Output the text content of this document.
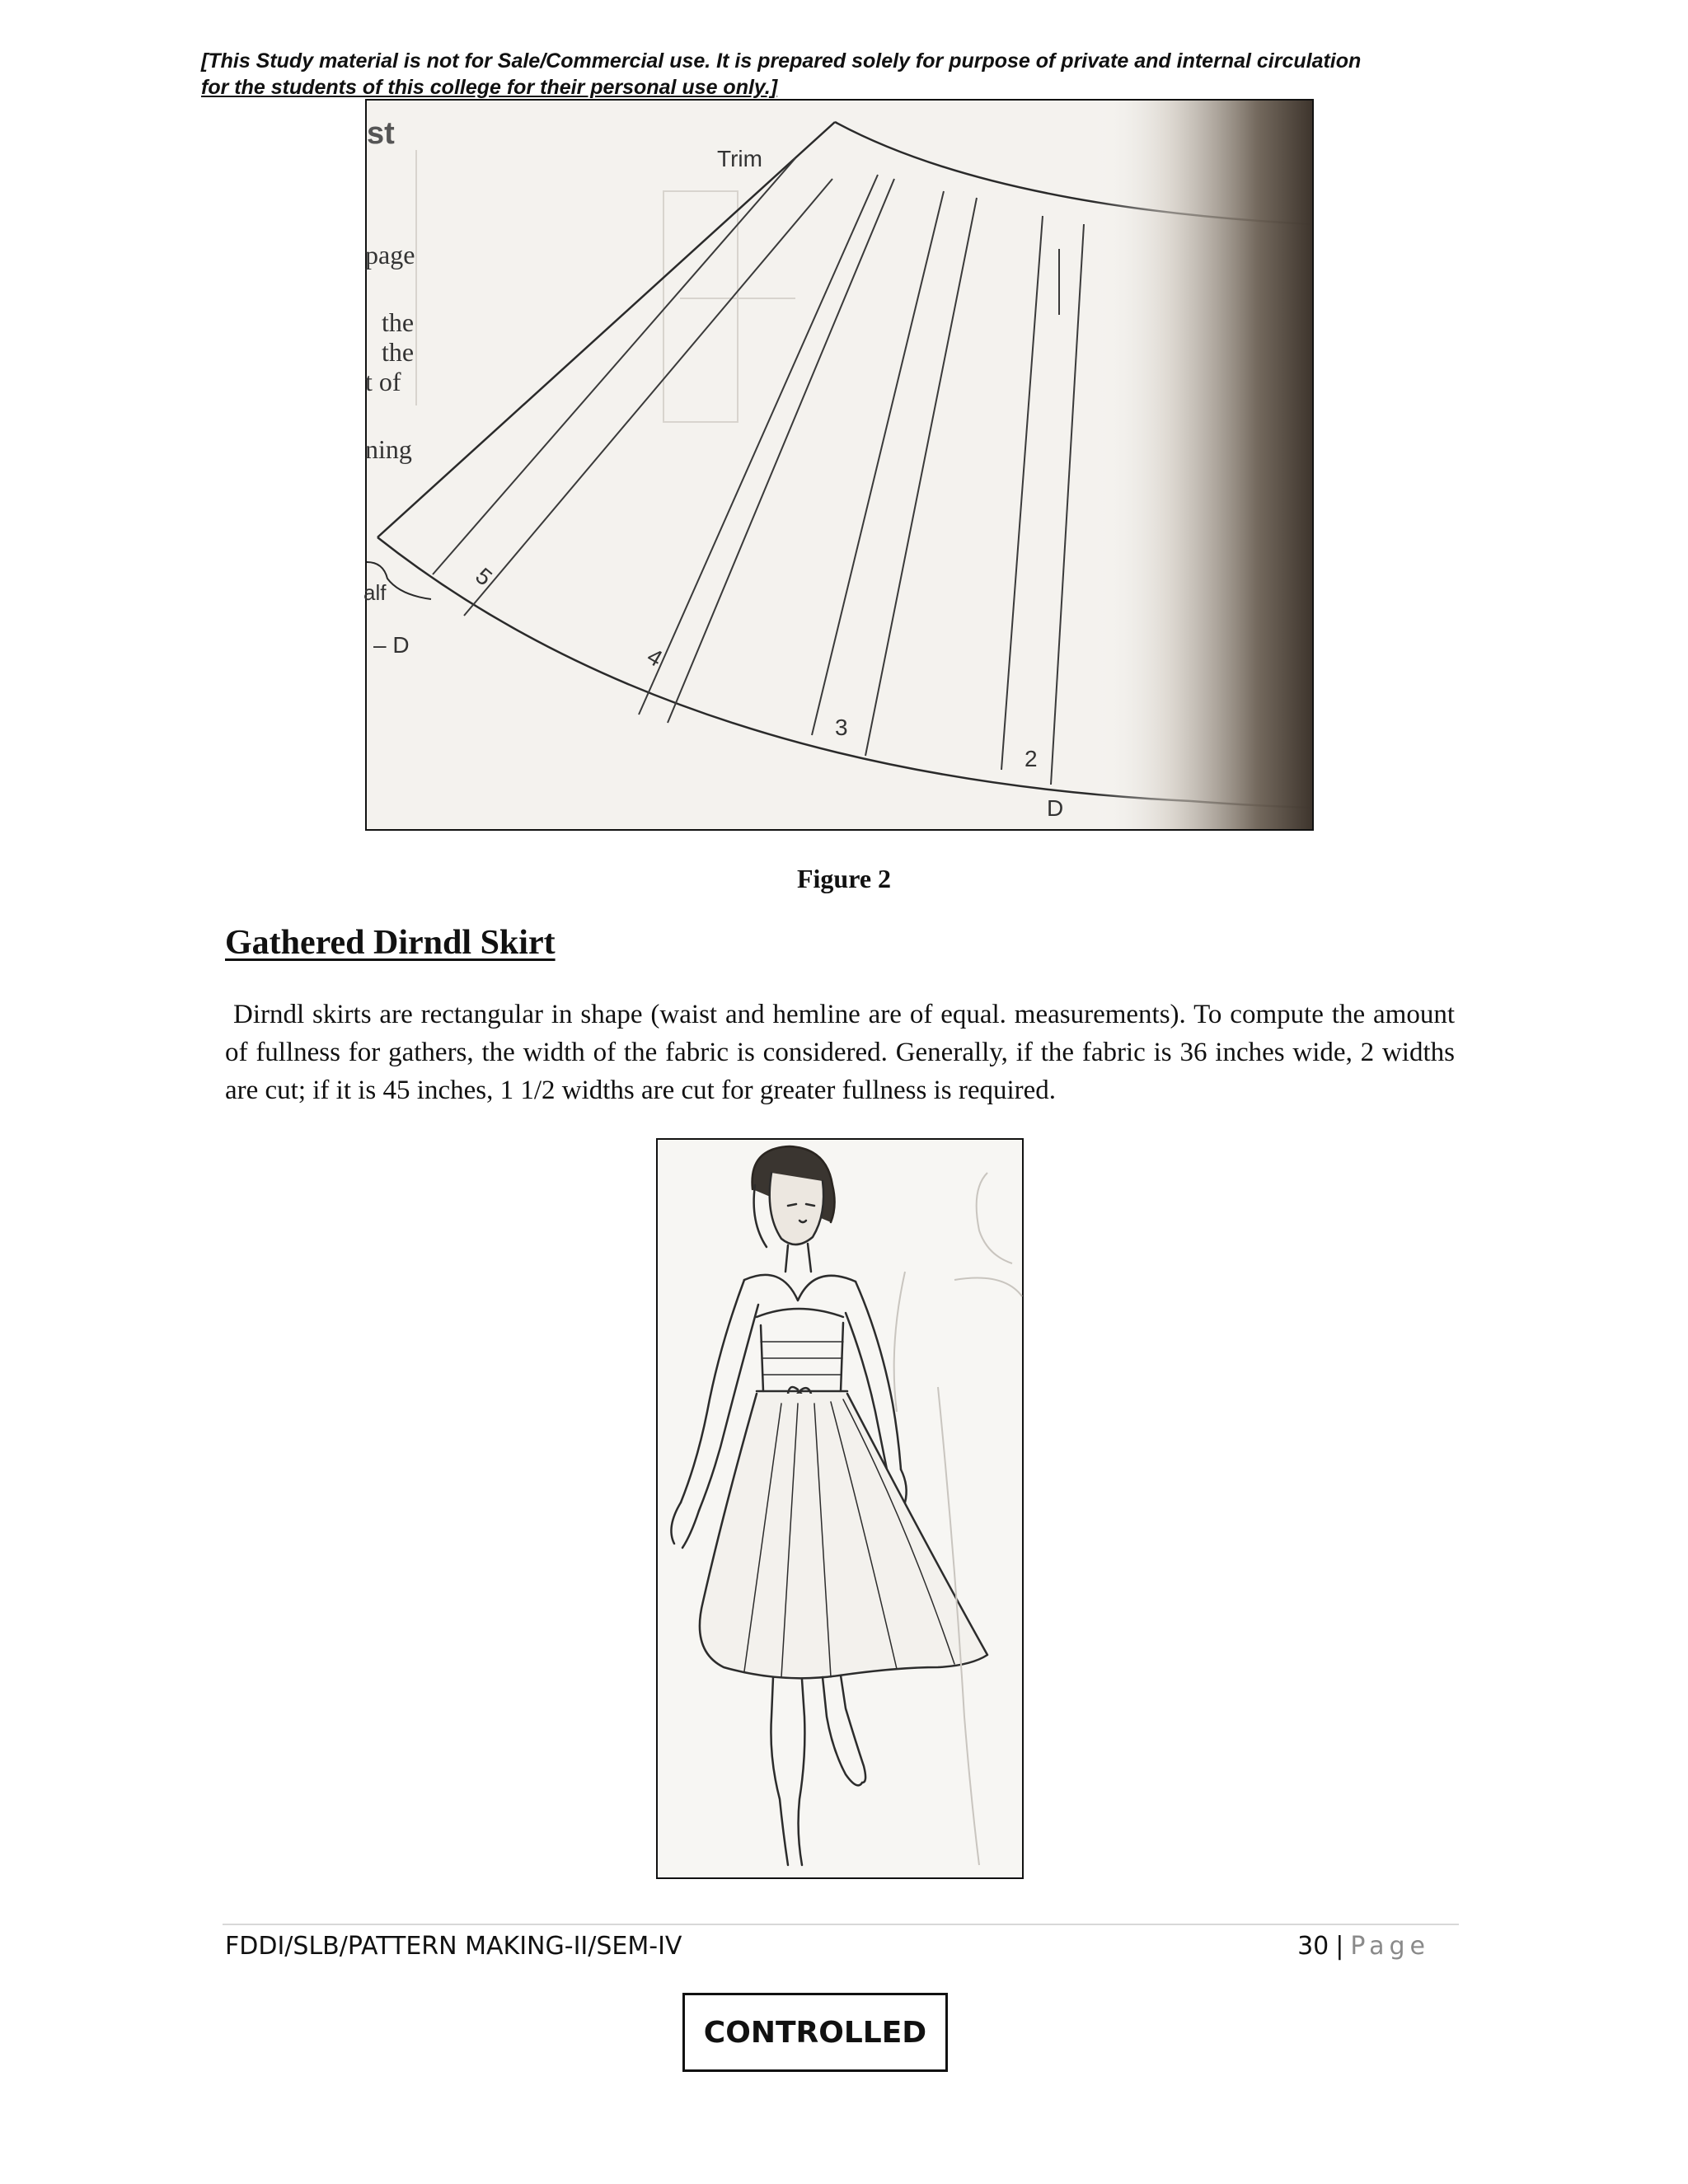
[This Study material is not for Sale/Commercial use. It is prepared solely for purpose of private and internal circulation
for the students of this college for their personal use only.]
Trim
st
page
the
the
t of
ning
alf
– D
5
4
3
2
D
Figure 2
Gathered Dirndl Skirt
Dirndl skirts are rectangular in shape (waist and hemline are of equal. measurements). To compute the amount of fullness for gathers, the width of the fabric is considered. Generally, if the fabric is 36 inches wide, 2 widths are cut; if it is 45 inches, 1 1/2 widths are cut for greater fullness is required.
FDDI/SLB/PATTERN MAKING-II/SEM-IV	30 | Page
CONTROLLED
